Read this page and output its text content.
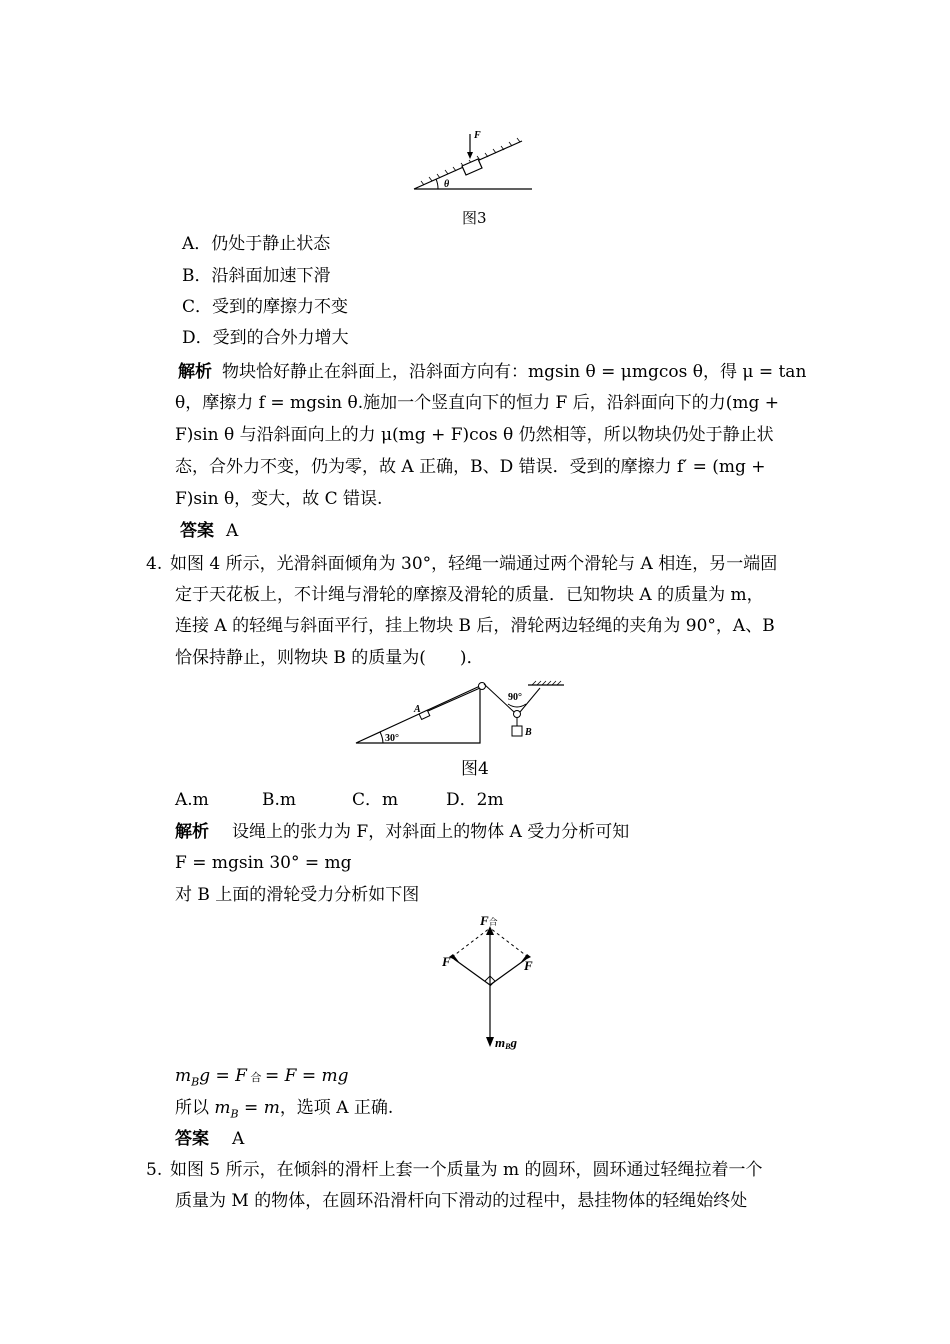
F
θ
图3
A．仍处于静止状态
B．沿斜面加速下滑
C．受到的摩擦力不变
D．受到的合外力增大
解析 物块恰好静止在斜面上，沿斜面方向有：mgsin θ = μmgcos θ，得 μ = tan
θ，摩擦力 f = mgsin θ.施加一个竖直向下的恒力 F 后，沿斜面向下的力(mg +
F)sin θ 与沿斜面向上的力 μ(mg + F)cos θ 仍然相等，所以物块仍处于静止状
态，合外力不变，仍为零，故 A 正确，B、D 错误．受到的摩擦力 f′ = (mg +
F)sin θ，变大，故 C 错误.
答案 A
4. 如图 4 所示，光滑斜面倾角为 30°，轻绳一端通过两个滑轮与 A 相连，另一端固
定于天花板上，不计绳与滑轮的摩擦及滑轮的质量．已知物块 A 的质量为 m，
连接 A 的轻绳与斜面平行，挂上物块 B 后，滑轮两边轻绳的夹角为 90°，A、B
恰保持静止，则物块 B 的质量为(　　)．
A
B
30°
90°
图4
A.m	B.m	C．m	D．2m
解析 设绳上的张力为 F，对斜面上的物体 A 受力分析可知
F = mgsin 30° = mg
对 B 上面的滑轮受力分析如下图
F合
F	F
mBg
$m_Bg = F$ 合 = F = mg
所以 $m_B = m$，选项 A 正确.
答案 A
5. 如图 5 所示，在倾斜的滑杆上套一个质量为 m 的圆环，圆环通过轻绳拉着一个
质量为 M 的物体，在圆环沿滑杆向下滑动的过程中，悬挂物体的轻绳始终处
